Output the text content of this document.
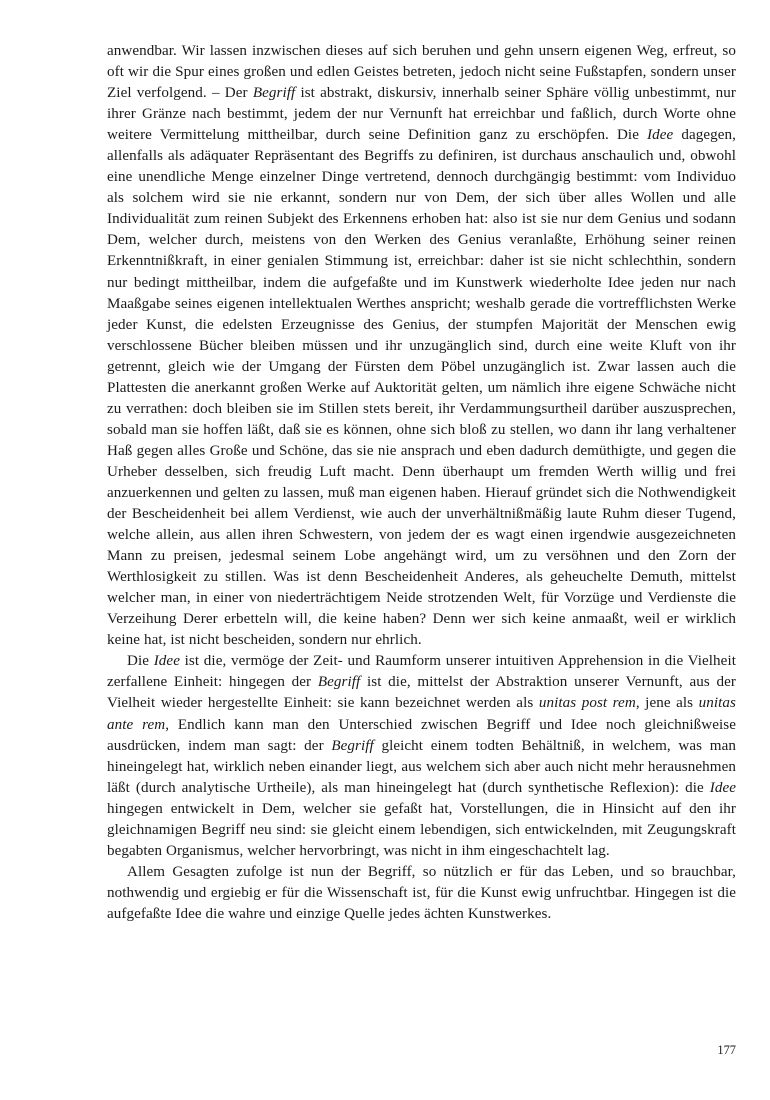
anwendbar. Wir lassen inzwischen dieses auf sich beruhen und gehn unsern eigenen Weg, erfreut, so oft wir die Spur eines großen und edlen Geistes betreten, jedoch nicht seine Fußstapfen, sondern unser Ziel verfolgend. – Der Begriff ist abstrakt, diskursiv, innerhalb seiner Sphäre völlig unbestimmt, nur ihrer Gränze nach bestimmt, jedem der nur Vernunft hat erreichbar und faßlich, durch Worte ohne weitere Vermittelung mittheilbar, durch seine Definition ganz zu erschöpfen. Die Idee dagegen, allenfalls als adäquater Repräsentant des Begriffs zu definiren, ist durchaus anschaulich und, obwohl eine unendliche Menge einzelner Dinge vertretend, dennoch durchgängig bestimmt: vom Individuo als solchem wird sie nie erkannt, sondern nur von Dem, der sich über alles Wollen und alle Individualität zum reinen Subjekt des Erkennens erhoben hat: also ist sie nur dem Genius und sodann Dem, welcher durch, meistens von den Werken des Genius veranlaßte, Erhöhung seiner reinen Erkenntnißkraft, in einer genialen Stimmung ist, erreichbar: daher ist sie nicht schlechthin, sondern nur bedingt mittheilbar, indem die aufgefaßte und im Kunstwerk wiederholte Idee jeden nur nach Maaßgabe seines eigenen intellektualen Werthes anspricht; weshalb gerade die vortrefflichsten Werke jeder Kunst, die edelsten Erzeugnisse des Genius, der stumpfen Majorität der Menschen ewig verschlossene Bücher bleiben müssen und ihr unzugänglich sind, durch eine weite Kluft von ihr getrennt, gleich wie der Umgang der Fürsten dem Pöbel unzugänglich ist. Zwar lassen auch die Plattesten die anerkannt großen Werke auf Auktorität gelten, um nämlich ihre eigene Schwäche nicht zu verrathen: doch bleiben sie im Stillen stets bereit, ihr Verdammungsurtheil darüber auszusprechen, sobald man sie hoffen läßt, daß sie es können, ohne sich bloß zu stellen, wo dann ihr lang verhaltener Haß gegen alles Große und Schöne, das sie nie ansprach und eben dadurch demüthigte, und gegen die Urheber desselben, sich freudig Luft macht. Denn überhaupt um fremden Werth willig und frei anzuerkennen und gelten zu lassen, muß man eigenen haben. Hierauf gründet sich die Nothwendigkeit der Bescheidenheit bei allem Verdienst, wie auch der unverhältnißmäßig laute Ruhm dieser Tugend, welche allein, aus allen ihren Schwestern, von jedem der es wagt einen irgendwie ausgezeichneten Mann zu preisen, jedesmal seinem Lobe angehängt wird, um zu versöhnen und den Zorn der Werthlosigkeit zu stillen. Was ist denn Bescheidenheit Anderes, als geheuchelte Demuth, mittelst welcher man, in einer von niederträchtigem Neide strotzenden Welt, für Vorzüge und Verdienste die Verzeihung Derer erbetteln will, die keine haben? Denn wer sich keine anmaaßt, weil er wirklich keine hat, ist nicht bescheiden, sondern nur ehrlich.

Die Idee ist die, vermöge der Zeit- und Raumform unserer intuitiven Apprehension in die Vielheit zerfallene Einheit: hingegen der Begriff ist die, mittelst der Abstraktion unserer Vernunft, aus der Vielheit wieder hergestellte Einheit: sie kann bezeichnet werden als unitas post rem, jene als unitas ante rem, Endlich kann man den Unterschied zwischen Begriff und Idee noch gleichnißweise ausdrücken, indem man sagt: der Begriff gleicht einem todten Behältniß, in welchem, was man hineingelegt hat, wirklich neben einander liegt, aus welchem sich aber auch nicht mehr herausnehmen läßt (durch analytische Urtheile), als man hineingelegt hat (durch synthetische Reflexion): die Idee hingegen entwickelt in Dem, welcher sie gefaßt hat, Vorstellungen, die in Hinsicht auf den ihr gleichnamigen Begriff neu sind: sie gleicht einem lebendigen, sich entwickelnden, mit Zeugungskraft begabten Organismus, welcher hervorbringt, was nicht in ihm eingeschachtelt lag.

Allem Gesagten zufolge ist nun der Begriff, so nützlich er für das Leben, und so brauchbar, nothwendig und ergiebig er für die Wissenschaft ist, für die Kunst ewig unfruchtbar. Hingegen ist die aufgefaßte Idee die wahre und einzige Quelle jedes ächten Kunstwerkes.

177
